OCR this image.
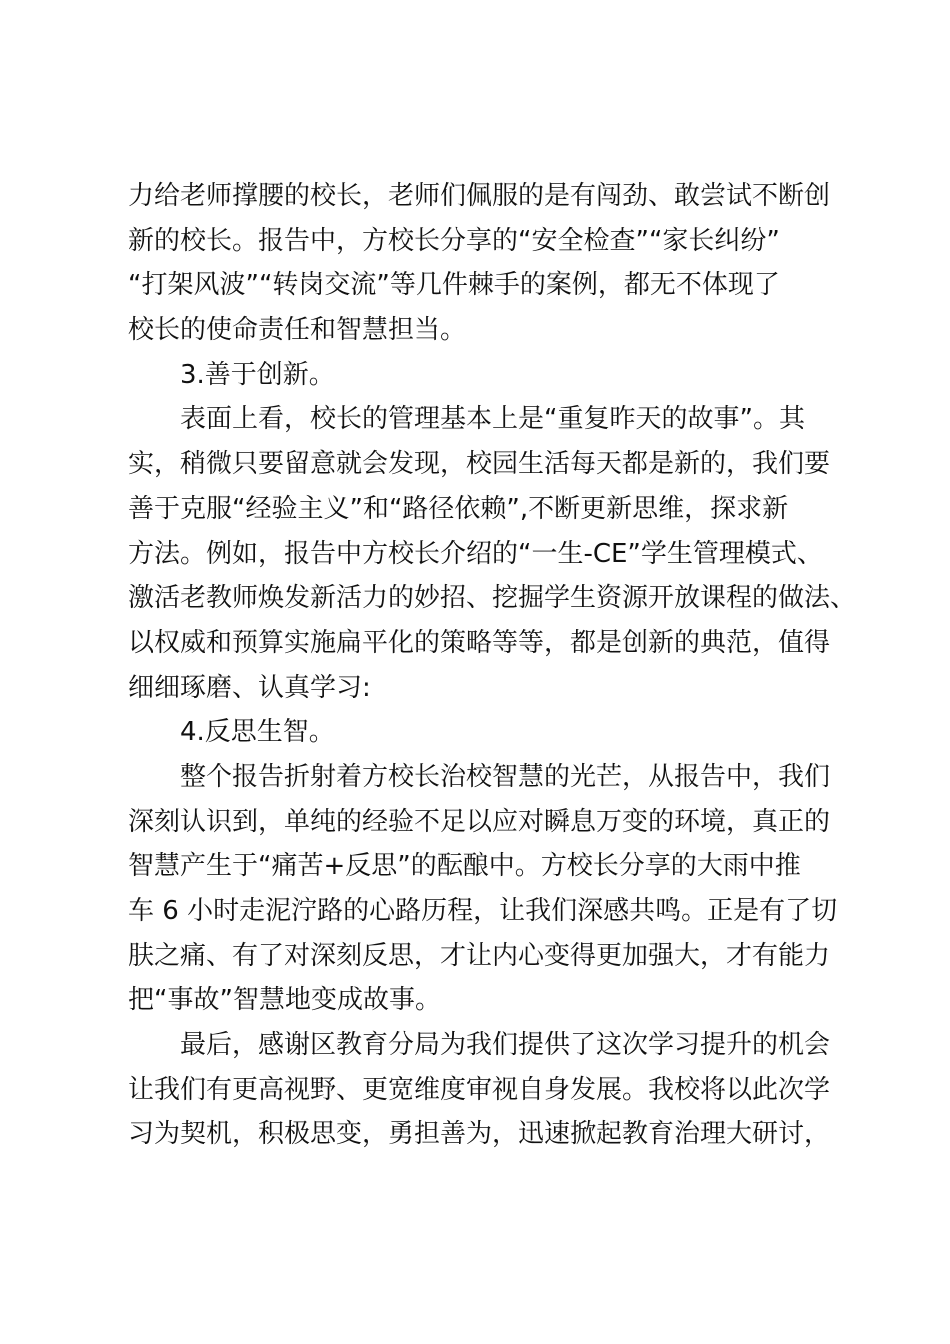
力给老师撑腰的校长，老师们佩服的是有闯劲、敢尝试不断创
新的校长。报告中，方校长分享的“安全检查”“家长纠纷”
“打架风波”“转岗交流”等几件棘手的案例，都无不体现了
校长的使命责任和智慧担当。
3.善于创新。
表面上看，校长的管理基本上是“重复昨天的故事”。其
实，稍微只要留意就会发现，校园生活每天都是新的，我们要
善于克服“经验主义”和“路径依赖”,不断更新思维，探求新
方法。例如，报告中方校长介绍的“一生-CE”学生管理模式、
激活老教师焕发新活力的妙招、挖掘学生资源开放课程的做法、
以权威和预算实施扁平化的策略等等，都是创新的典范，值得
细细琢磨、认真学习:
4.反思生智。
整个报告折射着方校长治校智慧的光芒，从报告中，我们
深刻认识到，单纯的经验不足以应对瞬息万变的环境，真正的
智慧产生于“痛苦+反思”的酝酿中。方校长分享的大雨中推
车 6 小时走泥泞路的心路历程，让我们深感共鸣。正是有了切
肤之痛、有了对深刻反思，才让内心变得更加强大，才有能力
把“事故”智慧地变成故事。
最后，感谢区教育分局为我们提供了这次学习提升的机会
让我们有更高视野、更宽维度审视自身发展。我校将以此次学
习为契机，积极思变，勇担善为，迅速掀起教育治理大研讨，
